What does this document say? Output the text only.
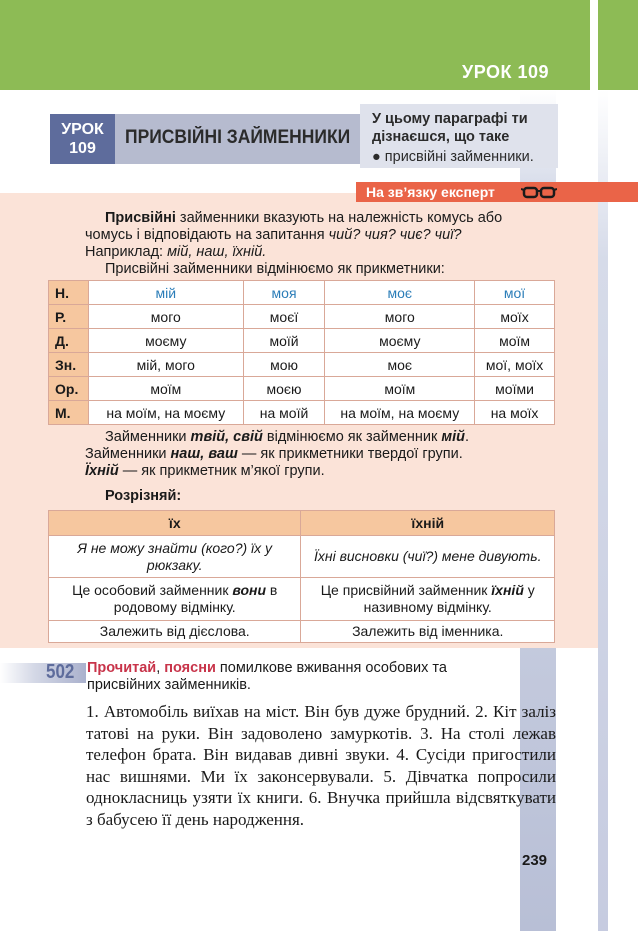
УРОК 109
УРОК
109
ПРИСВІЙНІ ЗАЙМЕННИКИ
У цьому параграфі ти
дізнаєшся, що таке
● присвійні займенники.
На зв’язку експерт
Присвійні займенники вказують на належність комусь або чомусь і відповідають на запитання чий? чия? чиє? чиї? Наприклад: мій, наш, їхній.
Присвійні займенники відмінюємо як прикметники:
Н.	мій	моя	моє	мої
Р.	мого	моєї	мого	моїх
Д.	моєму	моїй	моєму	моїм
Зн.	мій, мого	мою	моє	мої, моїх
Ор.	моїм	моєю	моїм	моїми
М.	на моїм, на моєму	на моїй	на моїм, на моєму	на моїх
Займенники твій, свій відмінюємо як займенник мій.
Займенники наш, ваш — як прикметники твердої групи.
Їхній — як прикметник м’якої групи.
Розрізняй:
їх	їхній
Я не можу знайти (кого?) їх у рюкзаку.	Їхні висновки (чиї?) мене дивують.
Це особовий займенник вони в родовому відмінку.	Це присвійний займенник їхній у називному відмінку.
Залежить від дієслова.	Залежить від іменника.
502 Прочитай, поясни помилкове вживання особових та присвійних займенників.
1. Автомобіль виїхав на міст. Він був дуже брудний. 2. Кіт заліз татові на руки. Він задоволено замуркотів. 3. На столі лежав телефон брата. Він видавав дивні звуки. 4. Сусіди пригостили нас вишнями. Ми їх законсервували. 5. Дівчатка попросили однокласниць узяти їх книги. 6. Внучка прийшла відсвяткувати з бабусею її день народження.
239
